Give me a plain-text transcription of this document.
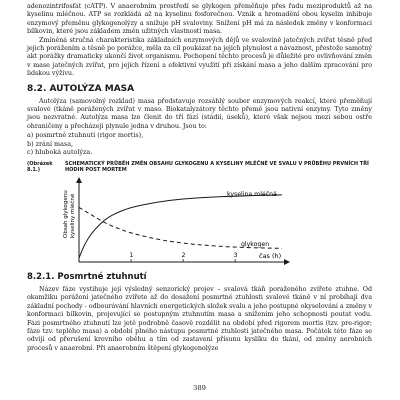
adenozintrifosfát (cATP). V anaerobním prostředí se glykogen přeměňuje přes řadu meziproduktů až na kyselinu mléčnou. ATP se rozkládá až na kyselinu fosforečnou. Vznik a hromadění obou kyselin inhibuje enzymový přeměnu glykogenolýzy a snižuje pH svaloviny. Snížení pH má za následek změny v konformaci bílkovin, které jsou základem změn užitných vlastností masa.

Zmíněná stručná charakteristika základních enzymových dějů ve svalovině jatečných zvířat těsně před jejich porážením a těsně po porážce, měla za cíl poukázat na jejich plynulost a návaznost, přestože samotný akt porážky dramaticky ukončí život organismu. Pochopení těchto procesů je důležité pro ovlivňování změn v mase jatečných zvířat, pro jejich řízení a efektivní využití při získání masa a jeho dalším zpracování pro lidskou výživu.

8.2. AUTOLÝZA MASA

Autolýza (samovolný rozklad) masa představuje rozsáhlý souber enzymových reakcí, které přeměňují svalové (tkáně porážených zvířat v maso. Biokatalyzátory těchto přemě jsou nativní enzymy. Tyto změny jsou nezvratné. Autolýza masa lze členit do tří fází (stádií, úseků), které však nejsou mezi sebou ostře ohraničeny a přecházejí plynule jedna v druhou. Jsou to:

a) posmrtné ztuhnutí (rigor mortis),
b) zrání masa,
c) hluboká autolýza.
(Obrázek 8.1.)
SCHEMATICKÝ PRŮBĚH ZMĚN OBSAHU GLYKOGENU A KYSELINY MLÉČNÉ VE SVALU V PRŮBĚHU PRVNÍCH TŘÍ HODIN POST MORTEM
Obsah glykogenu kyseliny mléčné
čas (h)
1	2	3
kyselina mléčná
glykogen
8.2.1. Posmrtné ztuhnutí

Název fáze vystihuje její výsledný senzorický projev – svalová tkáň poraženého zvířete ztuhne. Od okamžiku porážení jatečného zvířete až do dosažení posmrtné ztuhlosti svalové tkáně v ní probíhají dva základní pochody - odbourávání hlavních energetických složek svalu a jeho postupné okyselování a změny v konformaci bílkovin, projevující se postupným ztuhnutím masa a snížením jeho schopnosti poutat vodu. Fázi posmrtného ztuhnutí lze jetě podrobně časově rozdělit na období před rigorem mortis (tzv. pre-rigor; fáze tzv. teplého masa) a období plného nástupu posmrtné ztuhlosti jatečného masa. Počátek této fáze se odvíjí od přerušení krevního oběhu a tím od zastavení přísunu kyslíku do tkání, od změny aerobních procesů v anaerobní. Při anaerobním štěpení glykogenolýze

389
